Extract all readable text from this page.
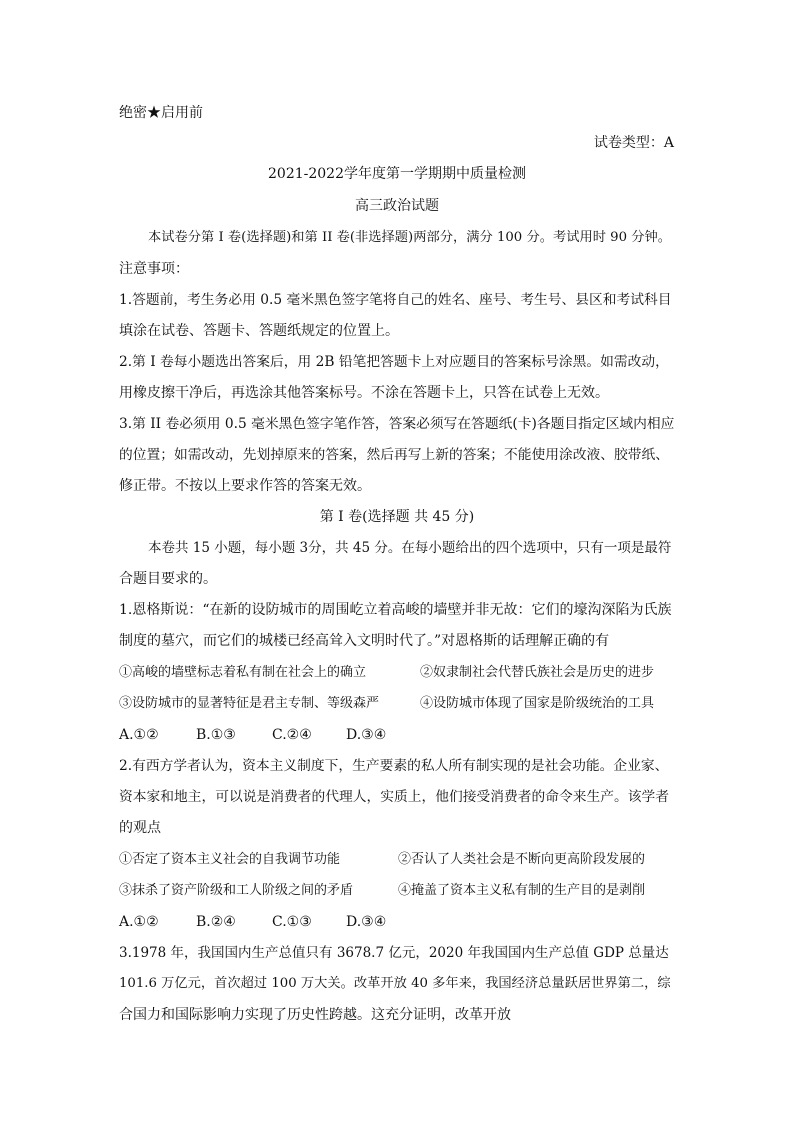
绝密★启用前
试卷类型：A
2021-2022学年度第一学期期中质量检测
高三政治试题
本试卷分第 I 卷(选择题)和第 II 卷(非选择题)两部分，满分 100 分。考试用时 90 分钟。
注意事项：
1.答题前，考生务必用 0.5 毫米黑色签字笔将自己的姓名、座号、考生号、县区和考试科目
填涂在试卷、答题卡、答题纸规定的位置上。
2.第 I 卷每小题选出答案后，用 2B 铅笔把答题卡上对应题目的答案标号涂黑。如需改动，
用橡皮擦干净后，再选涂其他答案标号。不涂在答题卡上，只答在试卷上无效。
3.第 II 卷必须用 0.5 毫米黑色签字笔作答，答案必须写在答题纸(卡)各题目指定区域内相应
的位置；如需改动，先划掉原来的答案，然后再写上新的答案；不能使用涂改液、胶带纸、
修正带。不按以上要求作答的答案无效。
第 I 卷(选择题 共 45 分)
本卷共 15 小题，每小题 3分，共 45 分。在每小题给出的四个选项中，只有一项是最符
合题目要求的。
1.恩格斯说：“在新的设防城市的周围屹立着高峻的墙壁并非无故：它们的壕沟深陷为氏族
制度的墓穴，而它们的城楼已经高耸入文明时代了。”对恩格斯的话理解正确的有
①高峻的墙壁标志着私有制在社会上的确立	②奴隶制社会代替氏族社会是历史的进步
③设防城市的显著特征是君主专制、等级森严	④设防城市体现了国家是阶级统治的工具
A.①②	B.①③	C.②④ D.③④
2.有西方学者认为，资本主义制度下，生产要素的私人所有制实现的是社会功能。企业家、
资本家和地主，可以说是消费者的代理人，实质上，他们接受消费者的命令来生产。该学者
的观点
①否定了资本主义社会的自我调节功能	②否认了人类社会是不断向更高阶段发展的
③抹杀了资产阶级和工人阶级之间的矛盾	④掩盖了资本主义私有制的生产目的是剥削
A.①②	B.②④	C.①③ D.③④
3.1978 年，我国国内生产总值只有 3678.7 亿元，2020 年我国国内生产总值 GDP 总量达
101.6 万亿元，首次超过 100 万大关。改革开放 40 多年来，我国经济总量跃居世界第二，综
合国力和国际影响力实现了历史性跨越。这充分证明，改革开放
